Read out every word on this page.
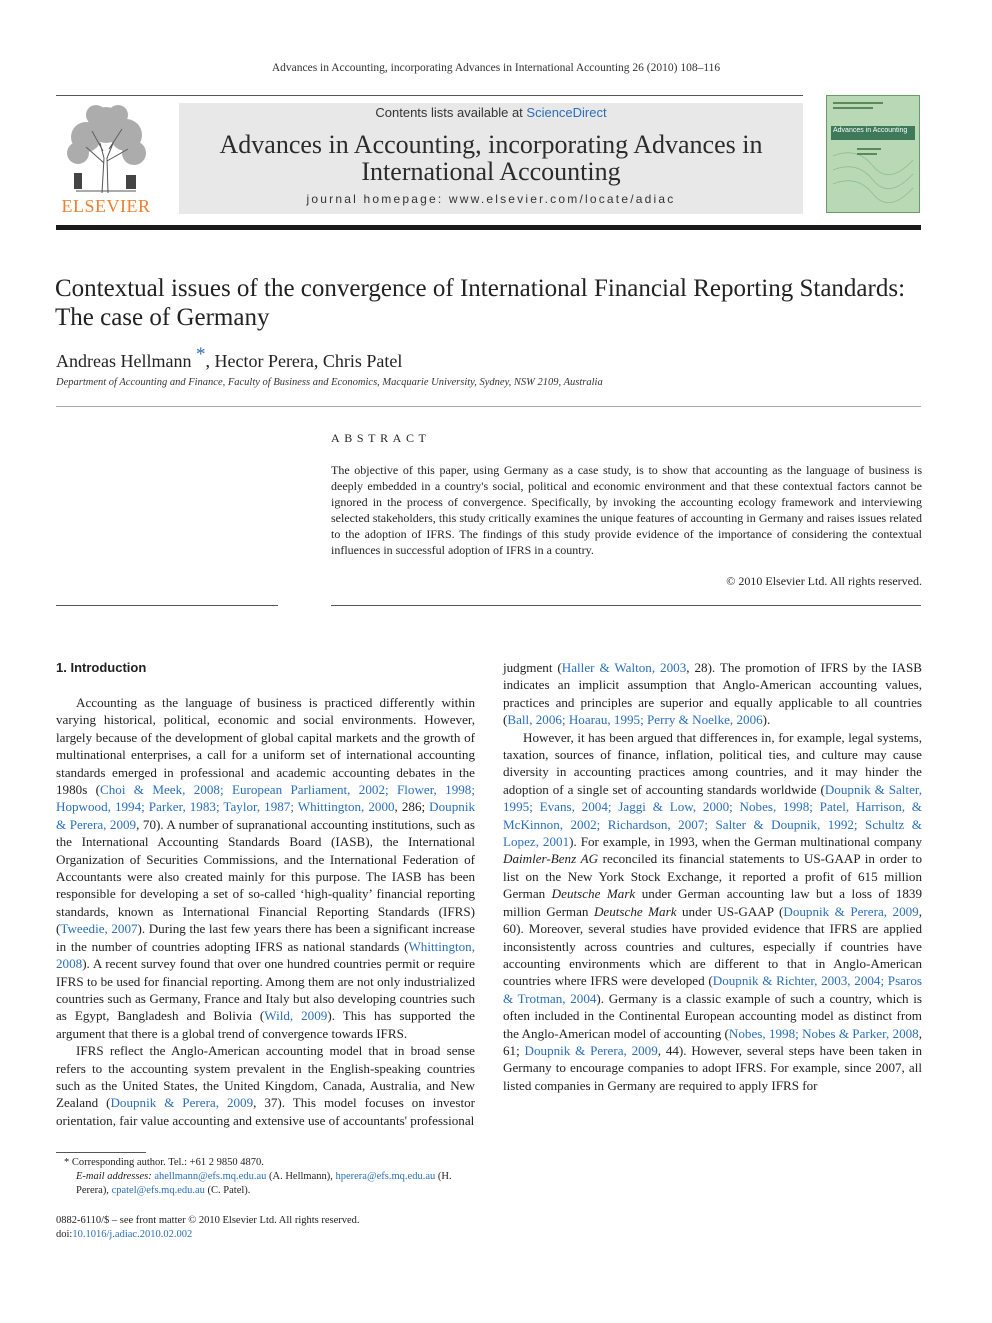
Advances in Accounting, incorporating Advances in International Accounting 26 (2010) 108–116
ELSEVIER
Contents lists available at ScienceDirect
Advances in Accounting, incorporating Advances in International Accounting
journal homepage: www.elsevier.com/locate/adiac
Advances in Accounting
Contextual issues of the convergence of International Financial Reporting Standards: The case of Germany
Andreas Hellmann *, Hector Perera, Chris Patel
Department of Accounting and Finance, Faculty of Business and Economics, Macquarie University, Sydney, NSW 2109, Australia
ABSTRACT
The objective of this paper, using Germany as a case study, is to show that accounting as the language of business is deeply embedded in a country's social, political and economic environment and that these contextual factors cannot be ignored in the process of convergence. Specifically, by invoking the accounting ecology framework and interviewing selected stakeholders, this study critically examines the unique features of accounting in Germany and raises issues related to the adoption of IFRS. The findings of this study provide evidence of the importance of considering the contextual influences in successful adoption of IFRS in a country.
© 2010 Elsevier Ltd. All rights reserved.
1. Introduction

Accounting as the language of business is practiced differently within varying historical, political, economic and social environments. However, largely because of the development of global capital markets and the growth of multinational enterprises, a call for a uniform set of international accounting standards emerged in professional and academic accounting debates in the 1980s (Choi & Meek, 2008; European Parliament, 2002; Flower, 1998; Hopwood, 1994; Parker, 1983; Taylor, 1987; Whittington, 2000, 286; Doupnik & Perera, 2009, 70). A number of supranational accounting institutions, such as the International Accounting Standards Board (IASB), the International Organization of Securities Commissions, and the International Federation of Accountants were also created mainly for this purpose. The IASB has been responsible for developing a set of so-called ‘high-quality’ financial reporting standards, known as International Financial Reporting Standards (IFRS) (Tweedie, 2007). During the last few years there has been a significant increase in the number of countries adopting IFRS as national standards (Whittington, 2008). A recent survey found that over one hundred countries permit or require IFRS to be used for financial reporting. Among them are not only industrialized countries such as Germany, France and Italy but also developing countries such as Egypt, Bangladesh and Bolivia (Wild, 2009). This has supported the argument that there is a global trend of convergence towards IFRS.

IFRS reflect the Anglo-American accounting model that in broad sense refers to the accounting system prevalent in the English-speaking countries such as the United States, the United Kingdom, Canada, Australia, and New Zealand (Doupnik & Perera, 2009, 37). This model focuses on investor orientation, fair value accounting and extensive use of accountants' professional

judgment (Haller & Walton, 2003, 28). The promotion of IFRS by the IASB indicates an implicit assumption that Anglo-American accounting values, practices and principles are superior and equally applicable to all countries (Ball, 2006; Hoarau, 1995; Perry & Noelke, 2006).

However, it has been argued that differences in, for example, legal systems, taxation, sources of finance, inflation, political ties, and culture may cause diversity in accounting practices among countries, and it may hinder the adoption of a single set of accounting standards worldwide (Doupnik & Salter, 1995; Evans, 2004; Jaggi & Low, 2000; Nobes, 1998; Patel, Harrison, & McKinnon, 2002; Richardson, 2007; Salter & Doupnik, 1992; Schultz & Lopez, 2001). For example, in 1993, when the German multinational company Daimler-Benz AG reconciled its financial statements to US-GAAP in order to list on the New York Stock Exchange, it reported a profit of 615 million German Deutsche Mark under German accounting law but a loss of 1839 million German Deutsche Mark under US-GAAP (Doupnik & Perera, 2009, 60). Moreover, several studies have provided evidence that IFRS are applied inconsistently across countries and cultures, especially if countries have accounting environments which are different to that in Anglo-American countries where IFRS were developed (Doupnik & Richter, 2003, 2004; Psaros & Trotman, 2004). Germany is a classic example of such a country, which is often included in the Continental European accounting model as distinct from the Anglo-American model of accounting (Nobes, 1998; Nobes & Parker, 2008, 61; Doupnik & Perera, 2009, 44). However, several steps have been taken in Germany to encourage companies to adopt IFRS. For example, since 2007, all listed companies in Germany are required to apply IFRS for

* Corresponding author. Tel.: +61 2 9850 4870.
E-mail addresses: ahellmann@efs.mq.edu.au (A. Hellmann), hperera@efs.mq.edu.au (H. Perera), cpatel@efs.mq.edu.au (C. Patel).
0882-6110/$ – see front matter © 2010 Elsevier Ltd. All rights reserved.
doi:10.1016/j.adiac.2010.02.002
